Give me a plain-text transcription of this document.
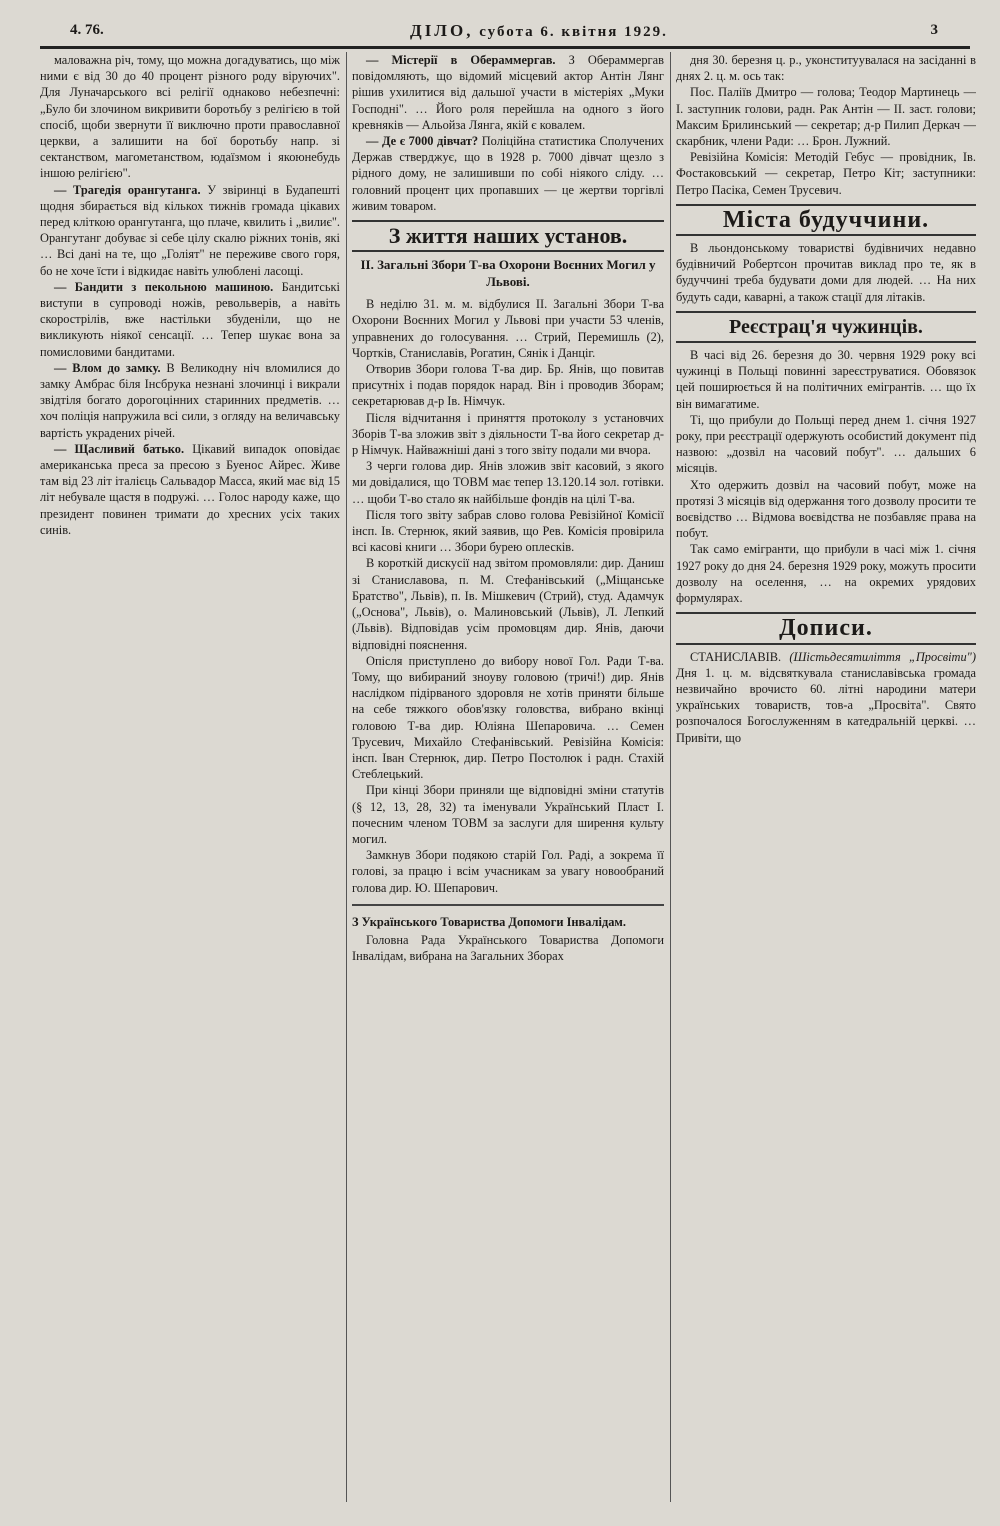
4. 76.	ДІЛО, субота 6. квітня 1929.	3

маловажна річ, тому, що можна догадуватись, що між ними є від 30 до 40 процент різного роду віруючих". Для Луначарського всі релігії однаково небезпечні: „Було би злочином викривити боротьбу з релігією в той спосіб, щоби звернути її виключно проти православної церкви, а залишити на бої боротьбу напр. зі сектанством, магометанством, юдаїзмом і якоюнебудь іншою релігією".

— Трагедія орангутанга. У звіринці в Будапешті щодня збирається від кількох тижнів громада цікавих перед кліткою орангутанга, що плаче, квилить і „вилиє". Орангутанг добуває зі себе цілу скалю ріжних тонів, які … Всі дані на те, що „Голіят" не переживе свого горя, бо не хоче їсти і відкидає навіть улюблені ласощі.

— Бандити з пекольною машиною. Бандитські виступи в супроводі ножів, револьверів, а навіть скорострілів, вже настільки збуденіли, що не викликують ніякої сенсації. … Тепер шукає вона за помисловими бандитами.

— Влом до замку. В Великодну ніч вломилися до замку Амбрас біля Інсбрука незнані злочинці і викрали звідтіля богато дорогоцінних старинних предметів. … хоч полiція напружила всі сили, з огляду на величавську вартість украдених річей.

— Щасливий батько. Цікавий випадок оповідає американська преса за пресою з Буенос Айрес. Живе там від 23 літ італієць Сальвадор Масса, який має від 15 літ небувале щастя в подружі. … Голос народу каже, що президент повинен тримати до хресних усіх таких синів.

— Містерії в Обераммергав. З Обераммергав повідомляють, що відомий місцевий актор Антін Лянг рішив ухилитися від дальшої участи в містеріях „Муки Господні". … Його роля перейшла на одного з його кревняків — Альойза Лянга, якій є ковалем.

— Де є 7000 дівчат? Поліційна статистика Сполучених Держав стверджує, що в 1928 р. 7000 дівчат щезло з рідного дому, не залишивши по собі ніякого сліду. … головний процент цих пропавших — це жертви торгівлі живим товаром.

З життя наших установ.
II. Загальні Збори Т-ва Охорони Воєнних Могил у Львові.

В неділю 31. м. м. відбулися II. Загальні Збори Т-ва Охорони Воєнних Могил у Львові при участи 53 членів, управнених до голосування. … Стрий, Перемишль (2), Чортків, Станиславів, Рогатин, Сянік і Данціг.

Отворив Збори голова Т-ва дир. Бр. Янів, що повитав присутніх і подав порядок нарад. Він і проводив Зборам; секретарював д-р Ів. Німчук.

Після відчитання і приняття протоколу з установчих Зборів Т-ва зложив звіт з діяльности Т-ва його секретар д-р Німчук. Найважніші дані з того звіту подали ми вчора.

З черги голова дир. Янів зложив звіт касовий, з якого ми довідалися, що ТОВМ має тепер 13.120.14 зол. готівки. … щоби Т-во стало як найбільше фондів на цілі Т-ва.

Після того звіту забрав слово голова Ревізійної Комісії інсп. Ів. Стернюк, який заявив, що Рев. Комісія провірила всі касові книги … Збори бурею оплесків.

В короткій дискусії над звітом промовляли: дир. Даниш зі Станиславова, п. М. Стефанівський („Міщанське Братство", Львів), п. Ів. Мішкевич (Стрий), студ. Адамчук („Основа", Львів), о. Малиновський (Львів), Л. Лепкий (Львів). Відповідав усім промовцям дир. Янів, даючи відповідні пояснення.

Опісля приступлено до вибору нової Гол. Ради Т-ва. Тому, що вибираний зноуву головою (тричі!) дир. Янів наслідком підірваного здоровля не хотів приняти більше на себе тяжкого обов'язку головства, вибрано вкінці головою Т-ва дир. Юліяна Шепаровича. … Семен Трусевич, Михайло Стефанівський. Ревізійна Комісія: інсп. Іван Стернюк, дир. Петро Постолюк і радн. Стахій Стеблецький.

При кінці Збори приняли ще відповідні зміни статутів (§ 12, 13, 28, 32) та іменували Український Пласт I. почесним членом ТОВМ за заслуги для ширення культу могил.

Замкнув Збори подякою старій Гол. Раді, а зокрема її голові, за працю і всім учасникам за увагу новообраний голова дир. Ю. Шепарович.

З Українського Товариства Допомоги Інвалідам.

Головна Рада Українського Товариства Допомоги Інвалідам, вибрана на Загальних Зборах

дня 30. березня ц. р., уконституувалася на засіданні в днях 2. ц. м. ось так:

Пос. Паліїв Дмитро — голова; Теодор Мартинець — I. заступник голови, радн. Рак Антін — II. заст. голови; Максим Брилинський — секретар; д-р Пилип Деркач — скарбник, члени Ради: … Брон. Лужний.

Ревізійна Комісія: Методій Гебус — провідник, Ів. Фостаковський — секретар, Петро Кіт; заступники: Петро Пасіка, Семен Трусевич.

Міста будуччини.

В льондонському товаристві будівничих недавно будівничий Робертсон прочитав виклад про те, як в будуччині треба будувати доми для людей. … На них будуть сади, каварні, а також стації для літаків.

Реєстрац'я чужинців.

В часі від 26. березня до 30. червня 1929 року всі чужинці в Польщі повинні зареєструватися. Обовязок цей поширюється й на політичних емігрантів. … що їх він вимагатиме.

Ті, що прибули до Польщі перед днем 1. січня 1927 року, при реєстрації одержують особистий документ під назвою: „дозвіл на часовий побут". … дальших 6 місяців.

Хто одержить дозвіл на часовий побут, може на протязі 3 місяців від одержання того дозволу просити те воєвідство … Відмова воєвідства не позбавляє права на побут.

Так само емігранти, що прибули в часі між 1. січня 1927 року до дня 24. березня 1929 року, можуть просити дозволу на оселення, … на окремих урядових формулярах.

Дописи.

СТАНИСЛАВІВ. (Шістьдесятиліття „Просвіти") Дня 1. ц. м. відсвяткувала станиславівська громада незвичайно врочисто 60. літні народини матери українських товариств, тов-а „Просвіта". Свято розпочалося Богослуженням в катедральній церкві. … Привіти, що
